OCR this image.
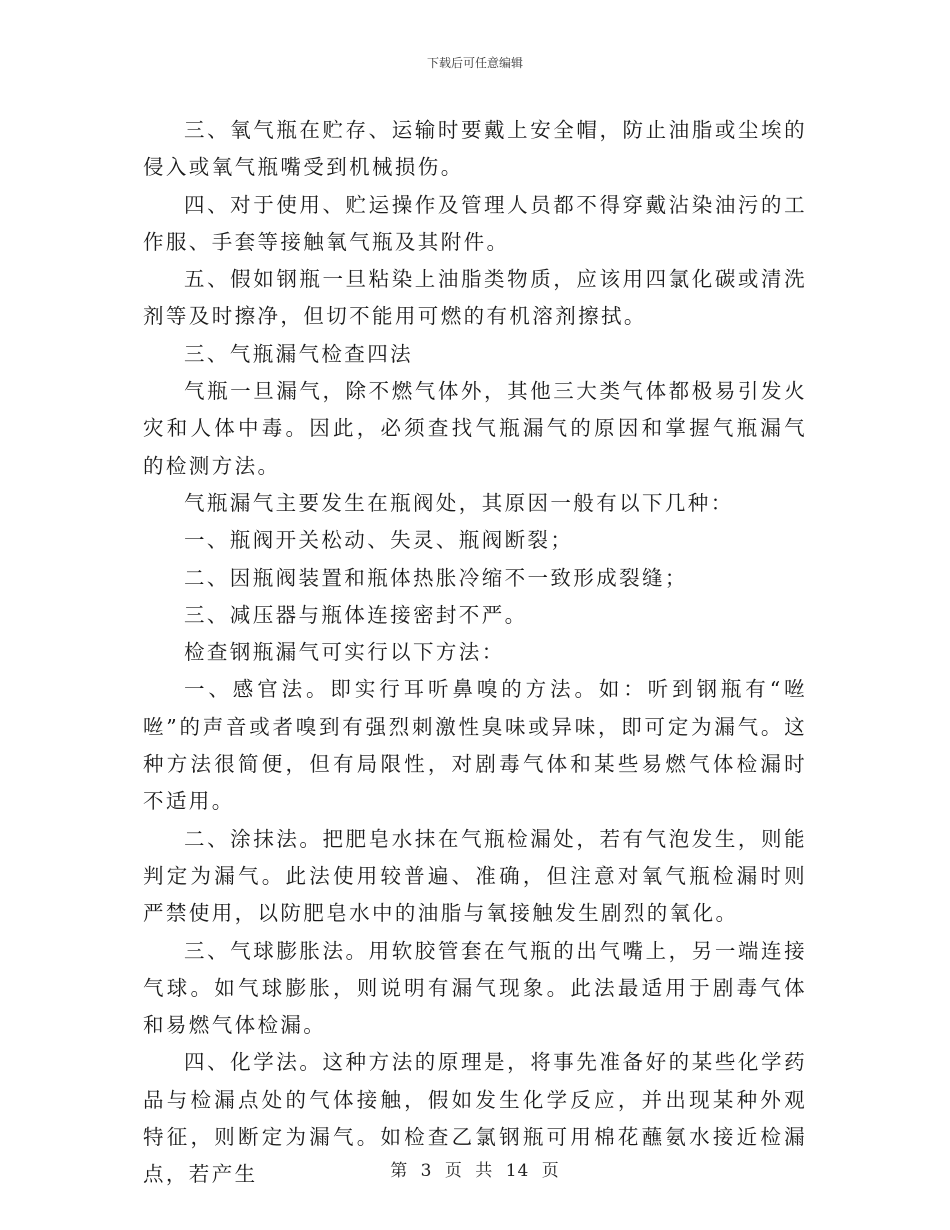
下载后可任意编辑

三、氧气瓶在贮存、运输时要戴上安全帽，防止油脂或尘埃的侵入或氧气瓶嘴受到机械损伤。

四、对于使用、贮运操作及管理人员都不得穿戴沾染油污的工作服、手套等接触氧气瓶及其附件。

五、假如钢瓶一旦粘染上油脂类物质，应该用四氯化碳或清洗剂等及时擦净，但切不能用可燃的有机溶剂擦拭。

三、气瓶漏气检查四法

气瓶一旦漏气，除不燃气体外，其他三大类气体都极易引发火灾和人体中毒。因此，必须查找气瓶漏气的原因和掌握气瓶漏气的检测方法。

气瓶漏气主要发生在瓶阀处，其原因一般有以下几种：

一、瓶阀开关松动、失灵、瓶阀断裂；

二、因瓶阀装置和瓶体热胀冷缩不一致形成裂缝；

三、减压器与瓶体连接密封不严。

检查钢瓶漏气可实行以下方法：

一、感官法。即实行耳听鼻嗅的方法。如：听到钢瓶有“咝咝”的声音或者嗅到有强烈刺激性臭味或异味，即可定为漏气。这种方法很简便，但有局限性，对剧毒气体和某些易燃气体检漏时不适用。

二、涂抹法。把肥皂水抹在气瓶检漏处，若有气泡发生，则能判定为漏气。此法使用较普遍、准确，但注意对氧气瓶检漏时则严禁使用，以防肥皂水中的油脂与氧接触发生剧烈的氧化。

三、气球膨胀法。用软胶管套在气瓶的出气嘴上，另一端连接气球。如气球膨胀，则说明有漏气现象。此法最适用于剧毒气体和易燃气体检漏。

四、化学法。这种方法的原理是，将事先准备好的某些化学药品与检漏点处的气体接触，假如发生化学反应，并出现某种外观特征，则断定为漏气。如检查乙氯钢瓶可用棉花蘸氨水接近检漏点，若产生	第 3 页 共 14 页
